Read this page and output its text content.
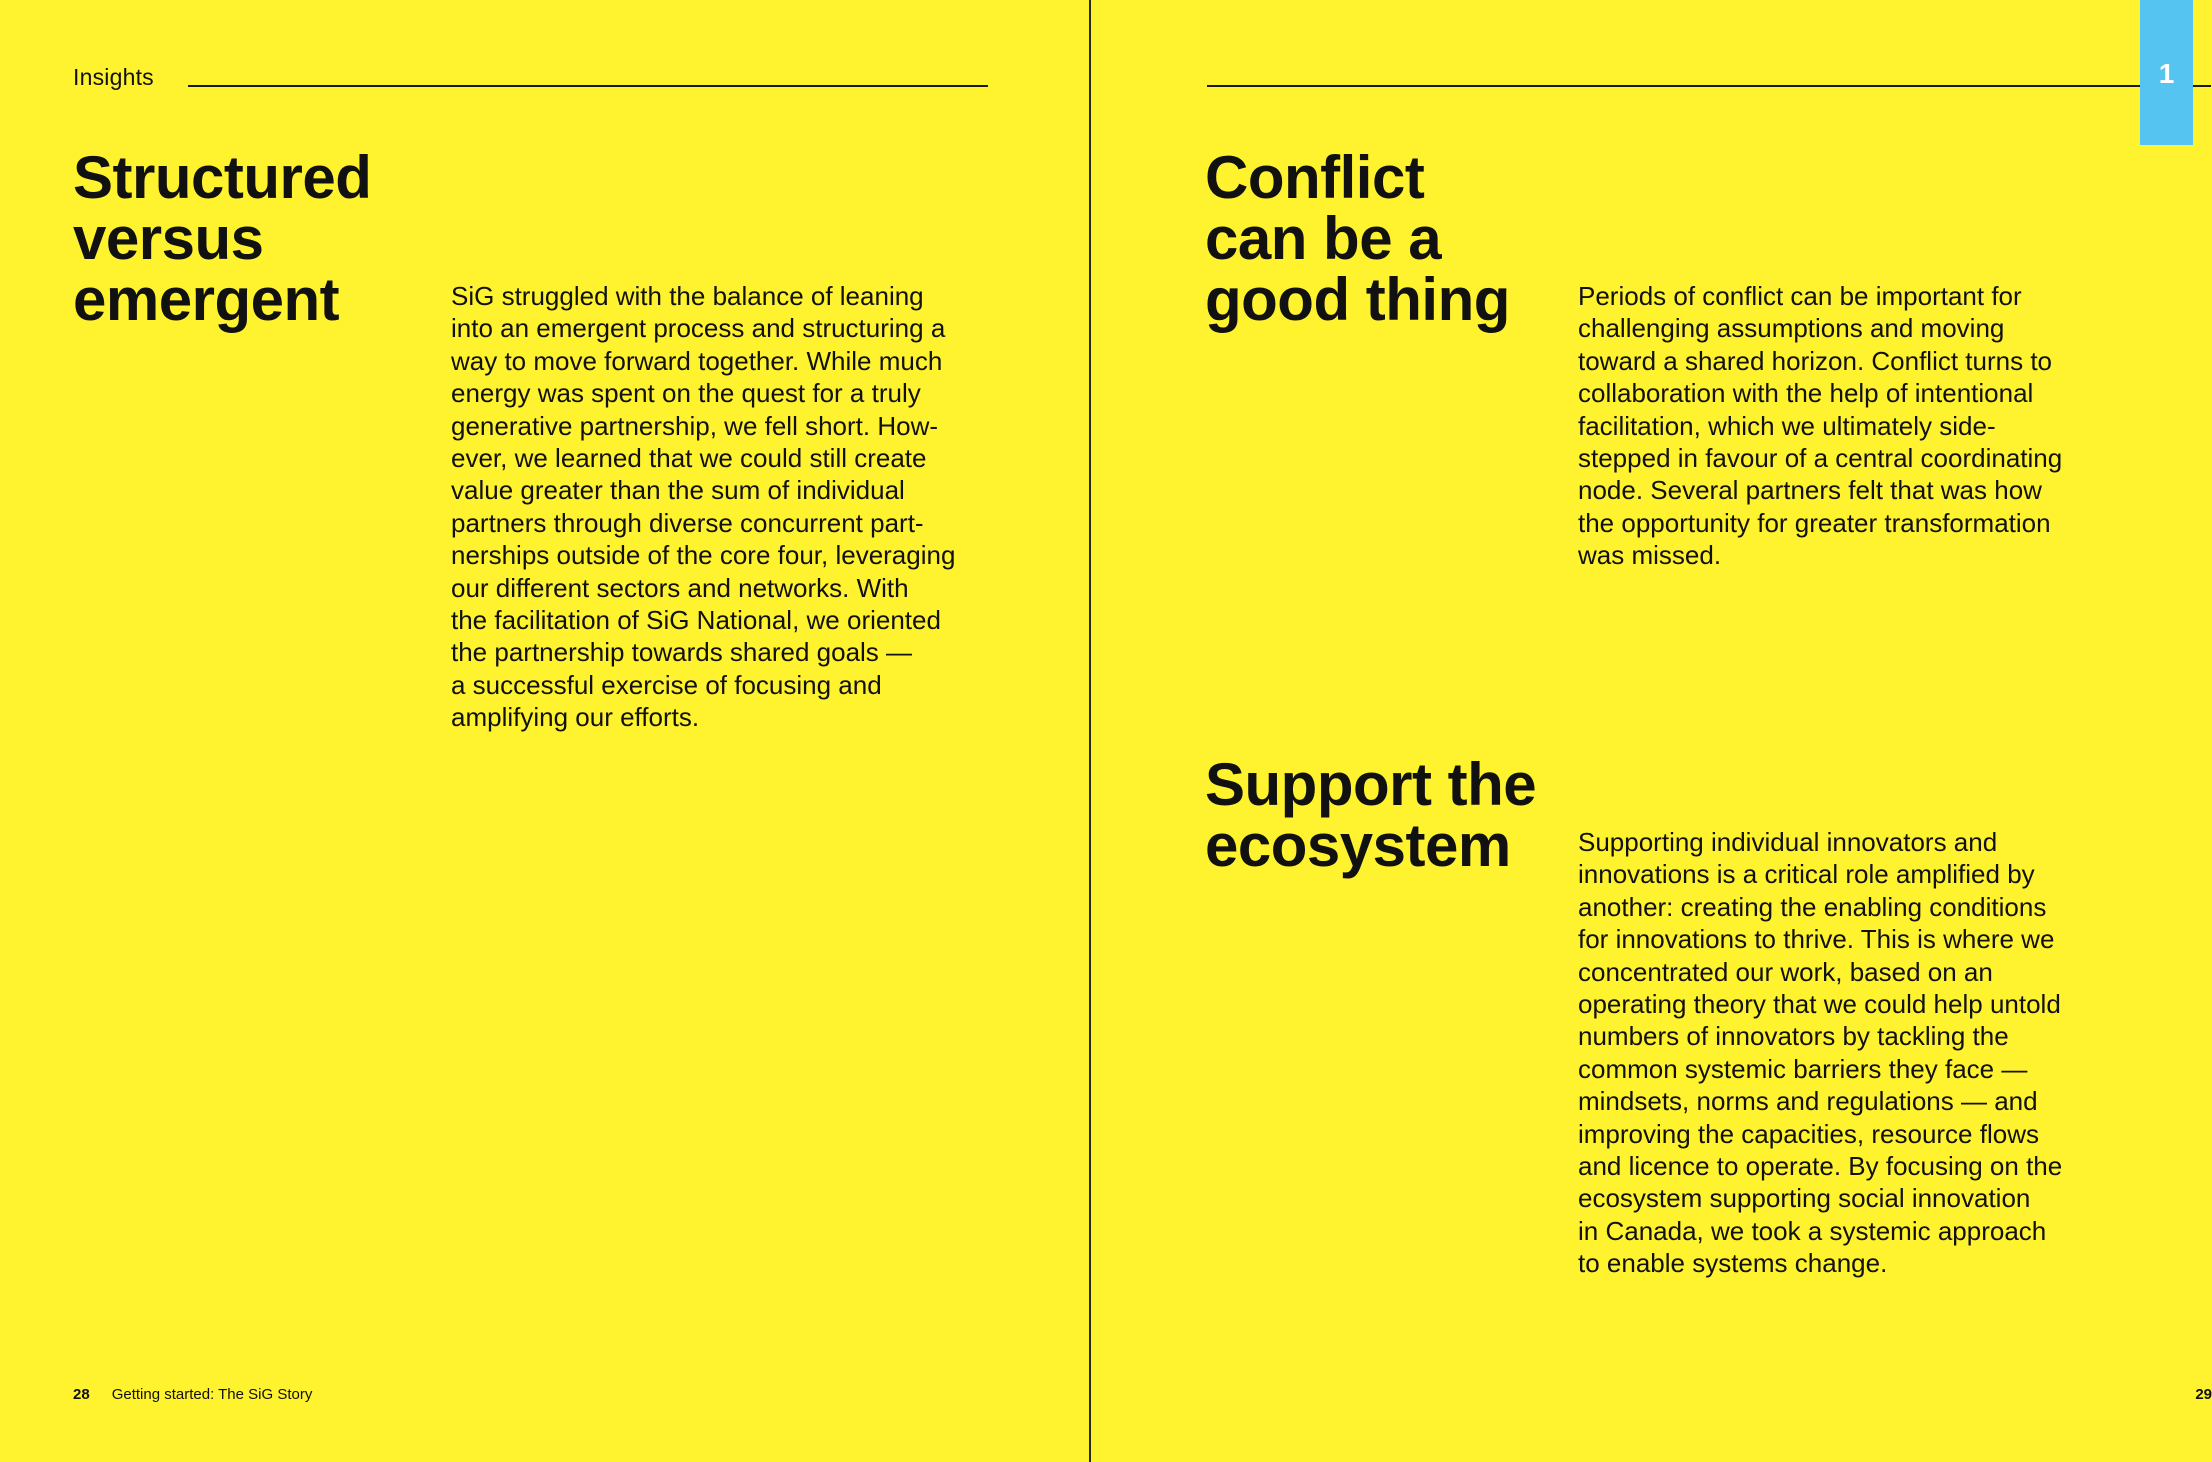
Insights
Structured
versus
emergent	SiG struggled with the balance of leaning
into an emergent process and structuring a
way to move forward together. While much
energy was spent on the quest for a truly
generative partnership, we fell short. How-
ever, we learned that we could still create
value greater than the sum of individual
partners through diverse concurrent part-
nerships outside of the core four, leveraging
our different sectors and networks. With
the facilitation of SiG National, we oriented
the partnership towards shared goals —
a successful exercise of focusing and
amplifying our efforts.

28 Getting started: The SiG Story
Conflict
can be a
good thing	Periods of conflict can be important for
challenging assumptions and moving
toward a shared horizon. Conflict turns to
collaboration with the help of intentional
facilitation, which we ultimately side-
stepped in favour of a central coordinating
node. Several partners felt that was how
the opportunity for greater transformation
was missed.

Support the
ecosystem	Supporting individual innovators and
innovations is a critical role amplified by
another: creating the enabling conditions
for innovations to thrive. This is where we
concentrated our work, based on an
operating theory that we could help untold
numbers of innovators by tackling the
common systemic barriers they face —
mindsets, norms and regulations — and
improving the capacities, resource flows
and licence to operate. By focusing on the
ecosystem supporting social innovation
in Canada, we took a systemic approach
to enable systems change.

29
1
